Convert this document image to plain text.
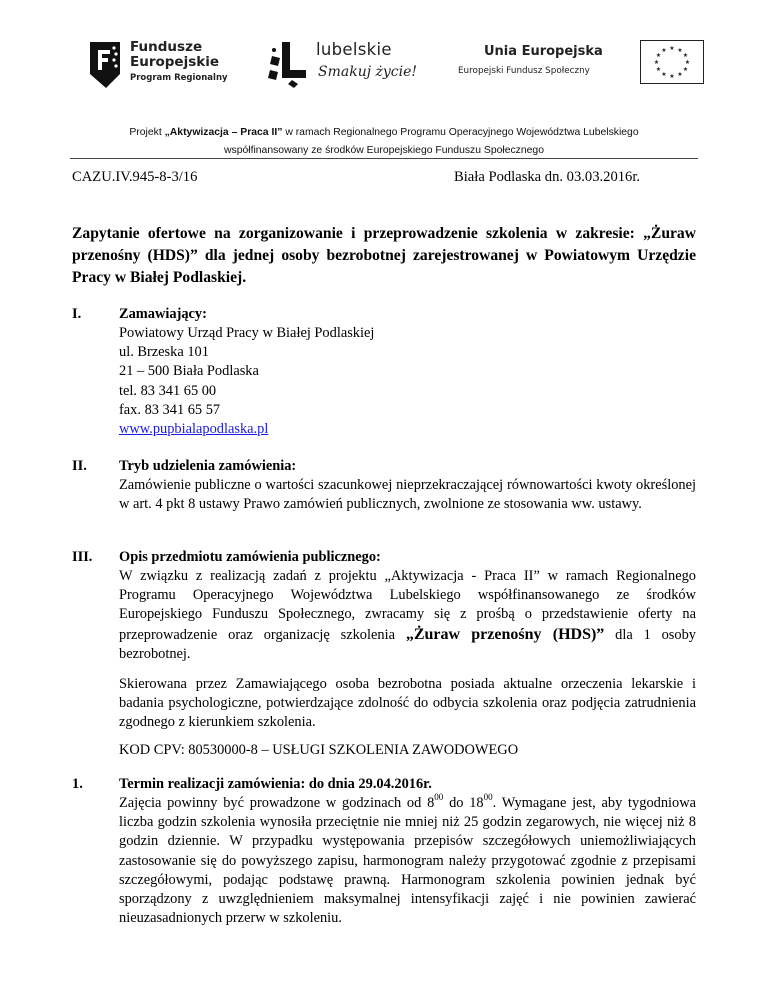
Fundusze
Europejskie
Program Regionalny
lubelskie
Smakuj życie!
Unia Europejska
Europejski Fundusz Społeczny
★ ★
★
★
★
★
★
★
★
★
★
★
Projekt „Aktywizacja – Praca II” w ramach Regionalnego Programu Operacyjnego Województwa Lubelskiego
współfinansowany ze środków Europejskiego Funduszu Społecznego
CAZU.IV.945-8-3/16	Biała Podlaska dn. 03.03.2016r.
Zapytanie ofertowe na zorganizowanie i przeprowadzenie szkolenia w zakresie: „Żuraw przenośny (HDS)” dla jednej osoby bezrobotnej zarejestrowanej w Powiatowym Urzędzie Pracy w Białej Podlaskiej.
I.	Zamawiający:
Powiatowy Urząd Pracy w Białej Podlaskiej
ul. Brzeska 101
21 – 500 Biała Podlaska
tel. 83 341 65 00
fax. 83 341 65 57
www.pupbialapodlaska.pl
II. Tryb udzielenia zamówienia:
Zamówienie publiczne o wartości szacunkowej nieprzekraczającej równowartości kwoty określonej w art. 4 pkt 8 ustawy Prawo zamówień publicznych, zwolnione ze stosowania ww. ustawy.
III. Opis przedmiotu zamówienia publicznego:
W związku z realizacją zadań z projektu „Aktywizacja - Praca II” w ramach Regionalnego Programu Operacyjnego Województwa Lubelskiego współfinansowanego ze środków Europejskiego Funduszu Społecznego, zwracamy się z prośbą o przedstawienie oferty na przeprowadzenie oraz organizację szkolenia „Żuraw przenośny (HDS)” dla 1 osoby bezrobotnej.
Skierowana przez Zamawiającego osoba bezrobotna posiada aktualne orzeczenia lekarskie i badania psychologiczne, potwierdzające zdolność do odbycia szkolenia oraz podjęcia zatrudnienia zgodnego z kierunkiem szkolenia.
KOD CPV: 80530000-8 – USŁUGI SZKOLENIA ZAWODOWEGO
1.	Termin realizacji zamówienia: do dnia 29.04.2016r.
Zajęcia powinny być prowadzone w godzinach od $8^{00}$ do $18^{00}$. Wymagane jest, aby tygodniowa liczba godzin szkolenia wynosiła przeciętnie nie mniej niż 25 godzin zegarowych, nie więcej niż 8 godzin dziennie. W przypadku występowania przepisów szczegółowych uniemożliwiających zastosowanie się do powyższego zapisu, harmonogram należy przygotować zgodnie z przepisami szczegółowymi, podając podstawę prawną. Harmonogram szkolenia powinien jednak być sporządzony z uwzględnieniem maksymalnej intensyfikacji zajęć i nie powinien zawierać nieuzasadnionych przerw w szkoleniu.
